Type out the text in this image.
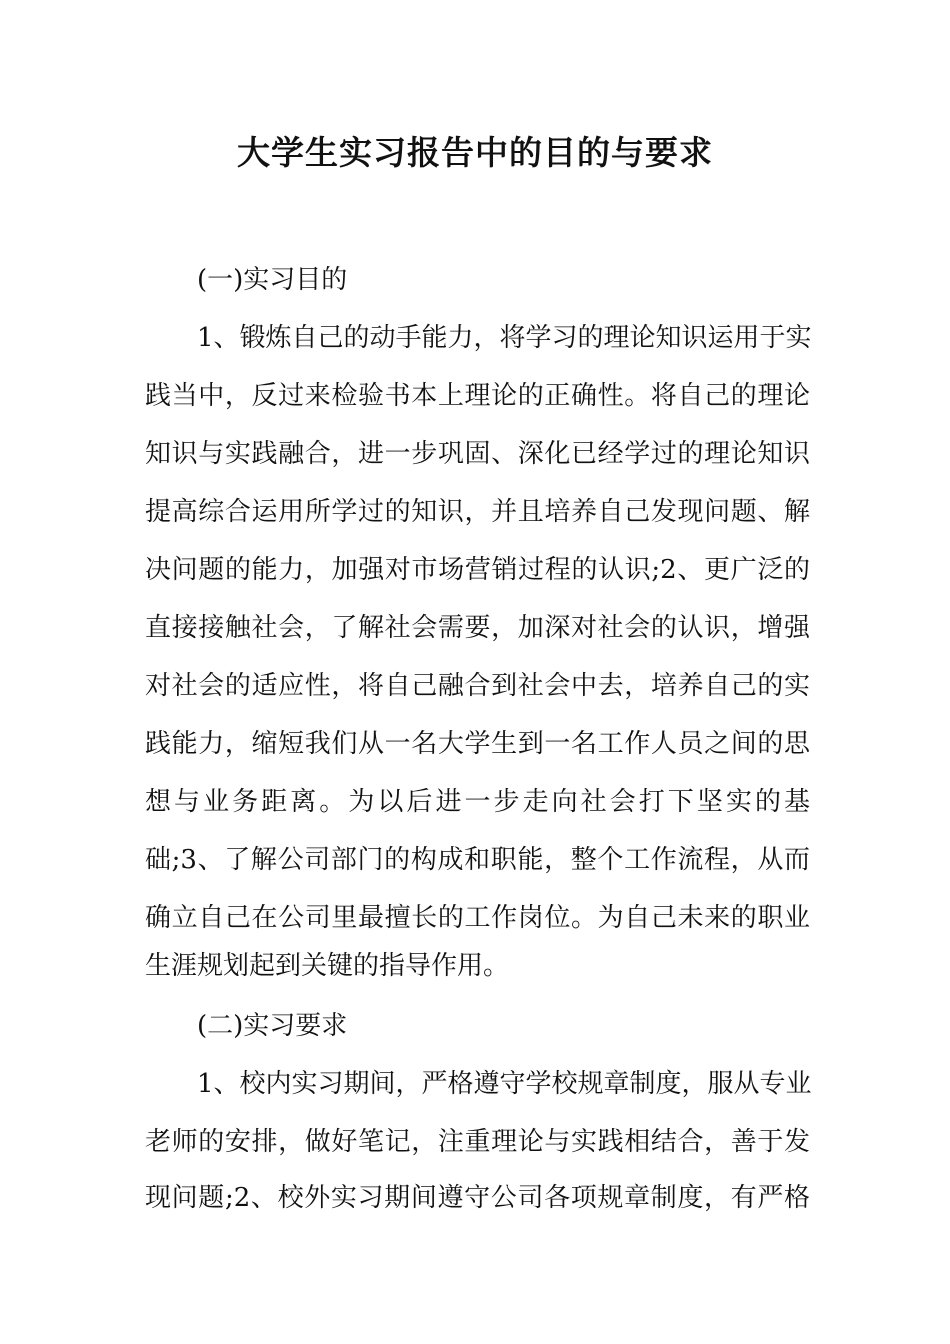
大学生实习报告中的目的与要求

(一)实习目的

1、锻炼自己的动手能力，将学习的理论知识运用于实

践当中，反过来检验书本上理论的正确性。将自己的理论

知识与实践融合，进一步巩固、深化已经学过的理论知识

提高综合运用所学过的知识，并且培养自己发现问题、解

决问题的能力，加强对市场营销过程的认识;2、更广泛的

直接接触社会，了解社会需要，加深对社会的认识，增强

对社会的适应性，将自己融合到社会中去，培养自己的实

践能力，缩短我们从一名大学生到一名工作人员之间的思

想与业务距离。为以后进一步走向社会打下坚实的基

础;3、了解公司部门的构成和职能，整个工作流程，从而

确立自己在公司里最擅长的工作岗位。为自己未来的职业

生涯规划起到关键的指导作用。

(二)实习要求

1、校内实习期间，严格遵守学校规章制度，服从专业

老师的安排，做好笔记，注重理论与实践相结合，善于发

现问题;2、校外实习期间遵守公司各项规章制度，有严格
